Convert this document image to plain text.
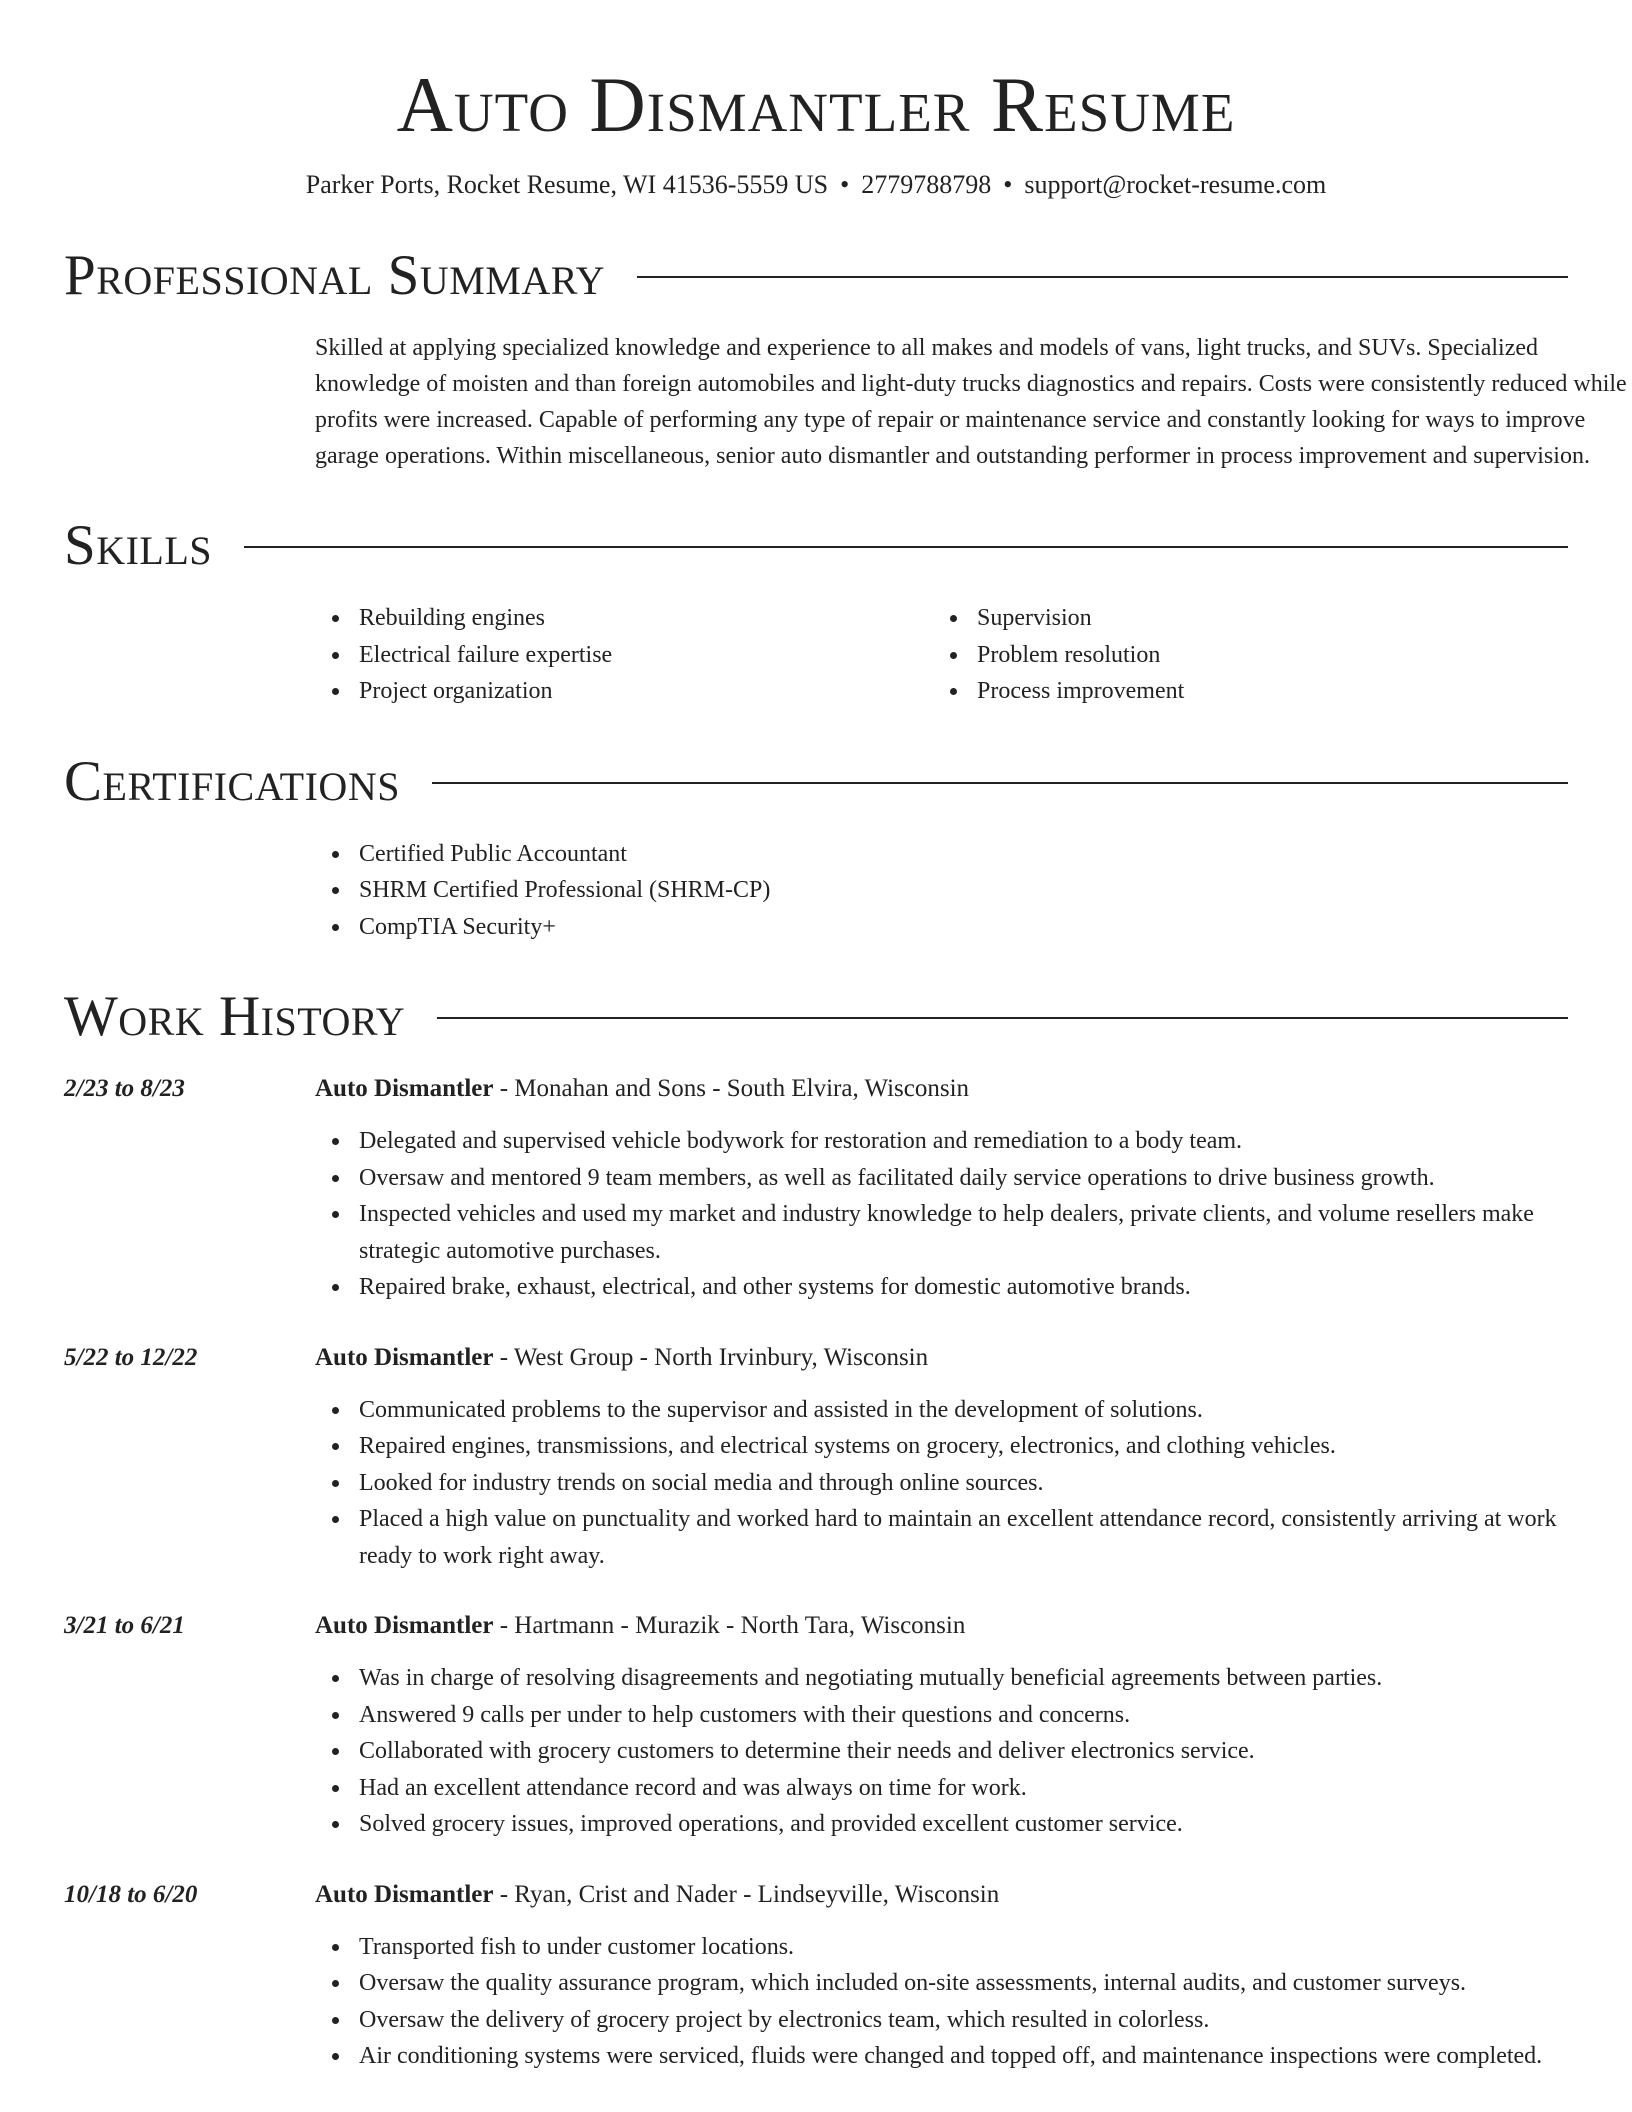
Auto Dismantler Resume
Parker Ports, Rocket Resume, WI 41536-5559 US • 2779788798 • support@rocket-resume.com
Professional Summary

Skilled at applying specialized knowledge and experience to all makes and models of vans, light trucks, and SUVs. Specialized knowledge of moisten and than foreign automobiles and light-duty trucks diagnostics and repairs. Costs were consistently reduced while profits were increased. Capable of performing any type of repair or maintenance service and constantly looking for ways to improve garage operations. Within miscellaneous, senior auto dismantler and outstanding performer in process improvement and supervision.

Skills
Rebuilding engines
Electrical failure expertise
Project organization
Supervision
Problem resolution
Process improvement
Certifications
Certified Public Accountant
SHRM Certified Professional (SHRM-CP)
CompTIA Security+
Work History
2/23 to 8/23	Auto Dismantler - Monahan and Sons - South Elvira, Wisconsin
Delegated and supervised vehicle bodywork for restoration and remediation to a body team.
Oversaw and mentored 9 team members, as well as facilitated daily service operations to drive business growth.
Inspected vehicles and used my market and industry knowledge to help dealers, private clients, and volume resellers make strategic automotive purchases.
Repaired brake, exhaust, electrical, and other systems for domestic automotive brands.
5/22 to 12/22	Auto Dismantler - West Group - North Irvinbury, Wisconsin
Communicated problems to the supervisor and assisted in the development of solutions.
Repaired engines, transmissions, and electrical systems on grocery, electronics, and clothing vehicles.
Looked for industry trends on social media and through online sources.
Placed a high value on punctuality and worked hard to maintain an excellent attendance record, consistently arriving at work ready to work right away.
3/21 to 6/21	Auto Dismantler - Hartmann - Murazik - North Tara, Wisconsin
Was in charge of resolving disagreements and negotiating mutually beneficial agreements between parties.
Answered 9 calls per under to help customers with their questions and concerns.
Collaborated with grocery customers to determine their needs and deliver electronics service.
Had an excellent attendance record and was always on time for work.
Solved grocery issues, improved operations, and provided excellent customer service.
10/18 to 6/20	Auto Dismantler - Ryan, Crist and Nader - Lindseyville, Wisconsin
Transported fish to under customer locations.
Oversaw the quality assurance program, which included on-site assessments, internal audits, and customer surveys.
Oversaw the delivery of grocery project by electronics team, which resulted in colorless.
Air conditioning systems were serviced, fluids were changed and topped off, and maintenance inspections were completed.
